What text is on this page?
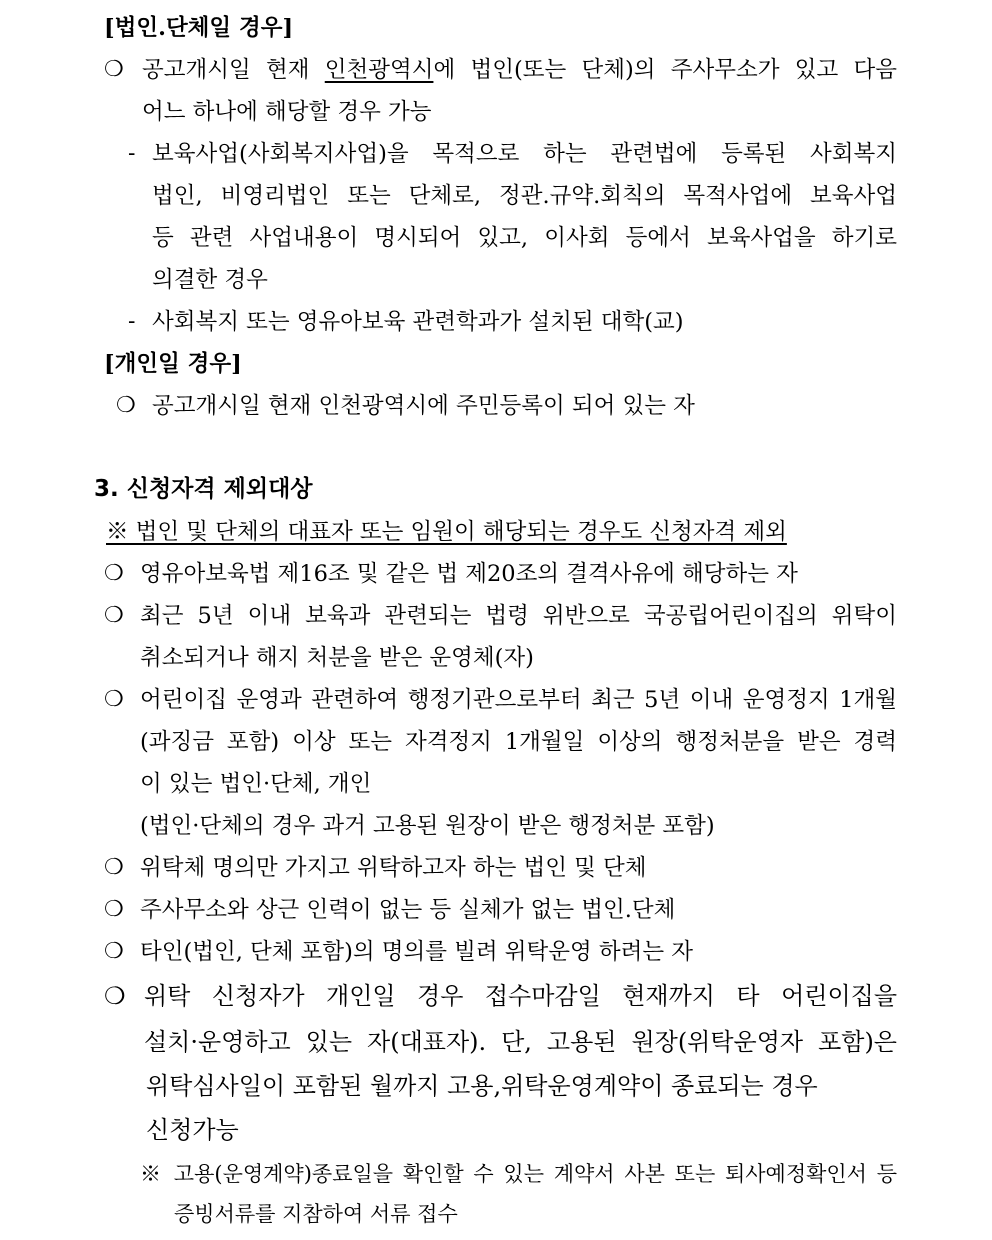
[법인.단체일 경우]
❍ 공고개시일 현재 인천광역시에 법인(또는 단체)의 주사무소가 있고 다음
어느 하나에 해당할 경우 가능
- 보육사업(사회복지사업)을 목적으로 하는 관련법에 등록된 사회복지
법인, 비영리법인 또는 단체로, 정관.규약.회칙의 목적사업에 보육사업
등 관련 사업내용이 명시되어 있고, 이사회 등에서 보육사업을 하기로
의결한 경우
- 사회복지 또는 영유아보육 관련학과가 설치된 대학(교)
[개인일 경우]
❍ 공고개시일 현재 인천광역시에 주민등록이 되어 있는 자
3. 신청자격 제외대상
※ 법인 및 단체의 대표자 또는 임원이 해당되는 경우도 신청자격 제외
❍ 영유아보육법 제16조 및 같은 법 제20조의 결격사유에 해당하는 자
❍ 최근 5년 이내 보육과 관련되는 법령 위반으로 국공립어린이집의 위탁이
취소되거나 해지 처분을 받은 운영체(자)
❍ 어린이집 운영과 관련하여 행정기관으로부터 최근 5년 이내 운영정지 1개월
(과징금 포함) 이상 또는 자격정지 1개월일 이상의 행정처분을 받은 경력
이 있는 법인·단체, 개인
(법인·단체의 경우 과거 고용된 원장이 받은 행정처분 포함)
❍ 위탁체 명의만 가지고 위탁하고자 하는 법인 및 단체
❍ 주사무소와 상근 인력이 없는 등 실체가 없는 법인.단체
❍ 타인(법인, 단체 포함)의 명의를 빌려 위탁운영 하려는 자
❍ 위탁 신청자가 개인일 경우 접수마감일 현재까지 타 어린이집을
설치·운영하고 있는 자(대표자). 단, 고용된 원장(위탁운영자 포함)은
위탁심사일이 포함된 월까지 고용,위탁운영계약이 종료되는 경우
신청가능
※ 고용(운영계약)종료일을 확인할 수 있는 계약서 사본 또는 퇴사예정확인서 등
증빙서류를 지참하여 서류 접수
